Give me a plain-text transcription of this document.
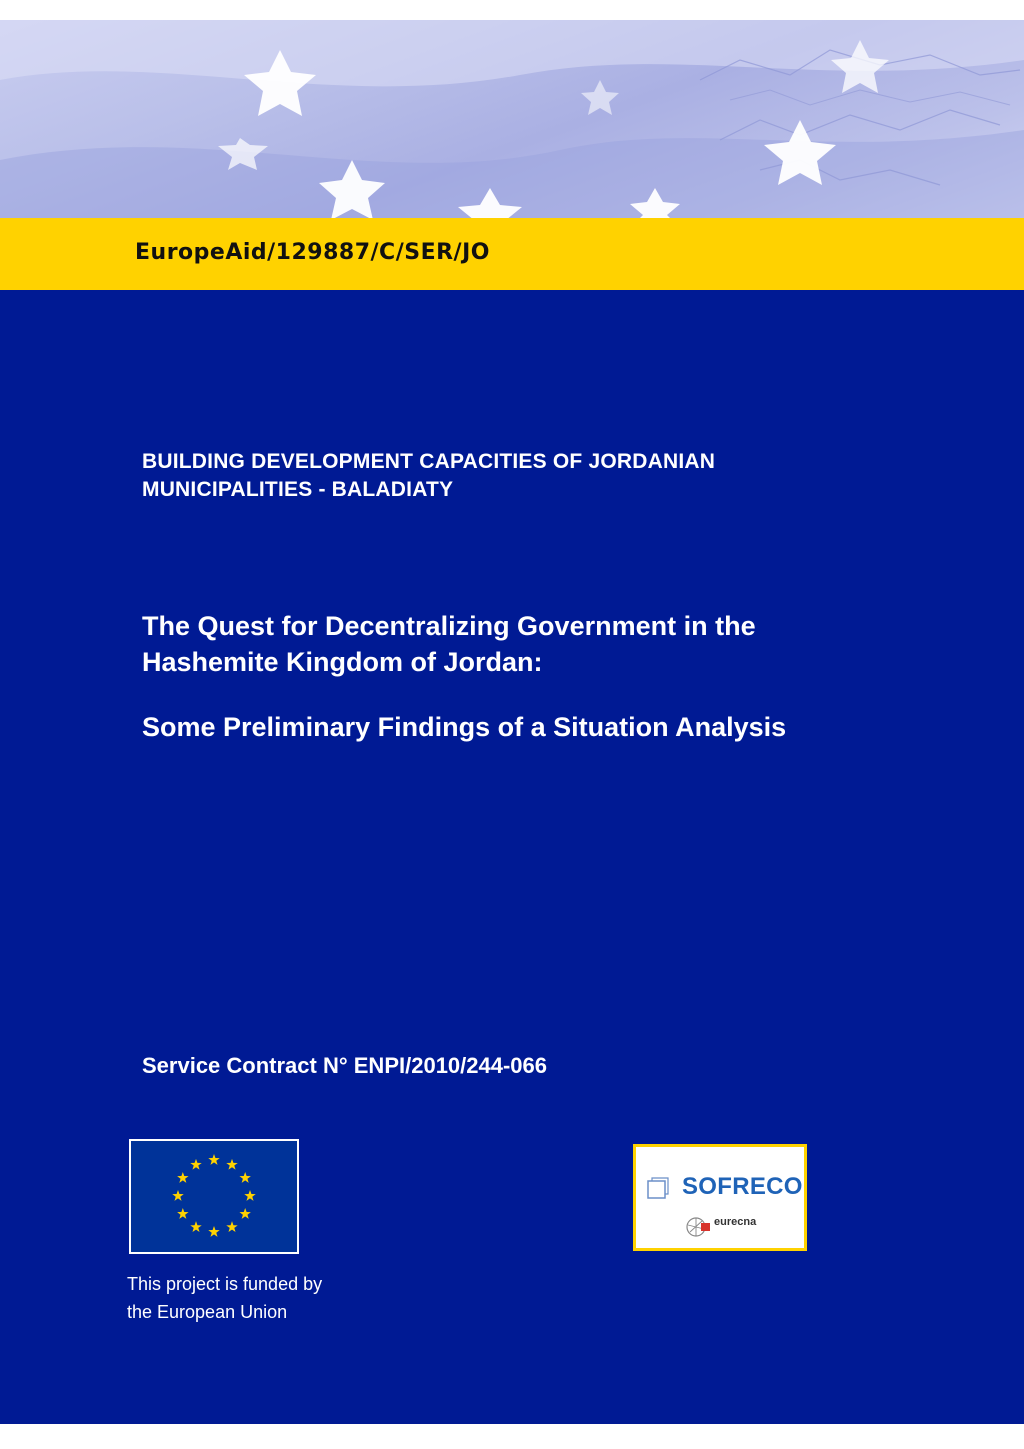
EuropeAid/129887/C/SER/JO
BUILDING DEVELOPMENT CAPACITIES OF JORDANIAN
MUNICIPALITIES - BALADIATY
The Quest for Decentralizing Government in the
Hashemite Kingdom of Jordan:
Some Preliminary Findings of a Situation Analysis
Service Contract N° ENPI/2010/244-066
This project is funded by
the European Union
SOFRECO
eurecna
